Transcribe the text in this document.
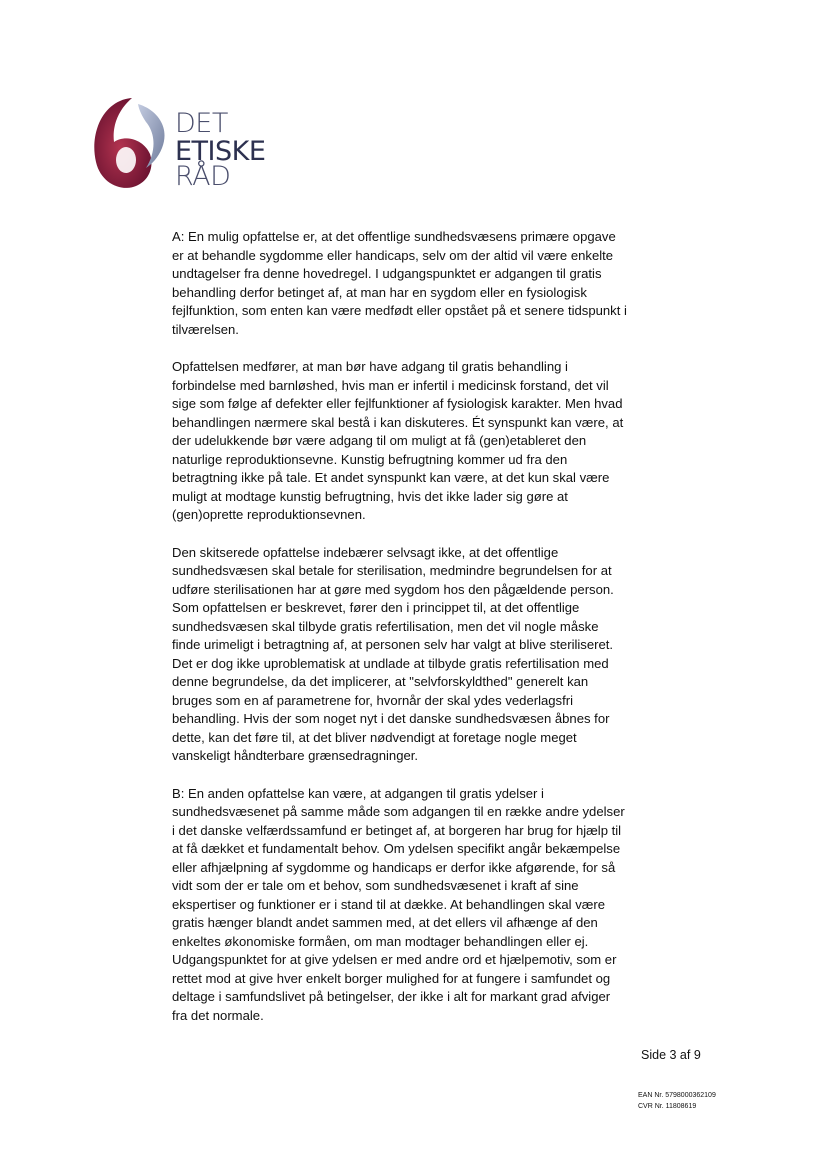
DET
ETISKE
RÅD
A: En mulig opfattelse er, at det offentlige sundhedsvæsens primære opgave
er at behandle sygdomme eller handicaps, selv om der altid vil være enkelte
undtagelser fra denne hovedregel. I udgangspunktet er adgangen til gratis
behandling derfor betinget af, at man har en sygdom eller en fysiologisk
fejlfunktion, som enten kan være medfødt eller opstået på et senere tidspunkt i
tilværelsen.
Opfattelsen medfører, at man bør have adgang til gratis behandling i
forbindelse med barnløshed, hvis man er infertil i medicinsk forstand, det vil
sige som følge af defekter eller fejlfunktioner af fysiologisk karakter. Men hvad
behandlingen nærmere skal bestå i kan diskuteres. Ét synspunkt kan være, at
der udelukkende bør være adgang til om muligt at få (gen)etableret den
naturlige reproduktionsevne. Kunstig befrugtning kommer ud fra den
betragtning ikke på tale. Et andet synspunkt kan være, at det kun skal være
muligt at modtage kunstig befrugtning, hvis det ikke lader sig gøre at
(gen)oprette reproduktionsevnen.
Den skitserede opfattelse indebærer selvsagt ikke, at det offentlige
sundhedsvæsen skal betale for sterilisation, medmindre begrundelsen for at
udføre sterilisationen har at gøre med sygdom hos den pågældende person.
Som opfattelsen er beskrevet, fører den i princippet til, at det offentlige
sundhedsvæsen skal tilbyde gratis refertilisation, men det vil nogle måske
finde urimeligt i betragtning af, at personen selv har valgt at blive steriliseret.
Det er dog ikke uproblematisk at undlade at tilbyde gratis refertilisation med
denne begrundelse, da det implicerer, at "selvforskyldthed" generelt kan
bruges som en af parametrene for, hvornår der skal ydes vederlagsfri
behandling. Hvis der som noget nyt i det danske sundhedsvæsen åbnes for
dette, kan det føre til, at det bliver nødvendigt at foretage nogle meget
vanskeligt håndterbare grænsedragninger.
B: En anden opfattelse kan være, at adgangen til gratis ydelser i
sundhedsvæsenet på samme måde som adgangen til en række andre ydelser
i det danske velfærdssamfund er betinget af, at borgeren har brug for hjælp til
at få dækket et fundamentalt behov. Om ydelsen specifikt angår bekæmpelse
eller afhjælpning af sygdomme og handicaps er derfor ikke afgørende, for så
vidt som der er tale om et behov, som sundhedsvæsenet i kraft af sine
ekspertiser og funktioner er i stand til at dække. At behandlingen skal være
gratis hænger blandt andet sammen med, at det ellers vil afhænge af den
enkeltes økonomiske formåen, om man modtager behandlingen eller ej.
Udgangspunktet for at give ydelsen er med andre ord et hjælpemotiv, som er
rettet mod at give hver enkelt borger mulighed for at fungere i samfundet og
deltage i samfundslivet på betingelser, der ikke i alt for markant grad afviger
fra det normale.
Side 3 af 9
EAN Nr. 5798000362109
CVR Nr. 11808619
